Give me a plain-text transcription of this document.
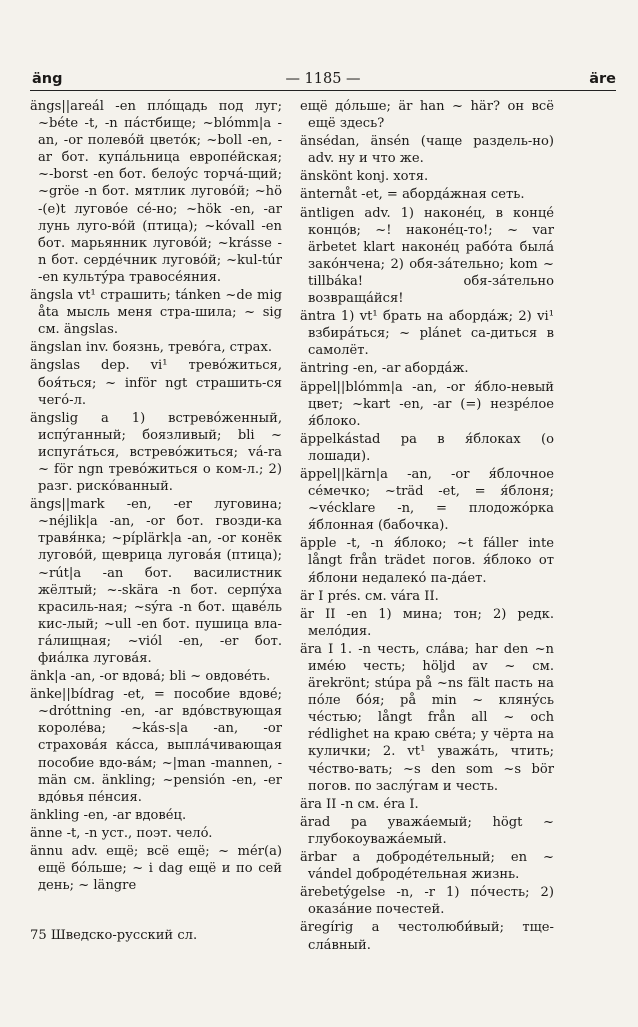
äng	— 1185 —	äre

ängs||areál -en плóщадь под луг; ~béte -t, -n пáстбище; ~blómm|a -an, -or полевóй цветóк; ~boll -en, -ar бот. купáльница европéйская; ~-borst -en бот. белоýс торчá-щий; ~gröe -n бот. мятлик луговóй; ~hö -(e)t луговóе сé-но; ~hök -en, -ar лунь луго-вóй (птица); ~kóvall -en бот. марьянник луговóй; ~krásse -n бот. сердéчник луговóй; ~kul-túr -en культýра травосéяния.

ängsla vt¹ страшить; tánken ~de mig åta мысль меня стра-шила; ~ sig см. ängslas.

ängslan inv. боязнь, тревóга, страх.

ängslas dep. vi¹ тревóжиться, боя́ться; ~ inför ngt страшить-ся чегó-л.

ängslig a 1) встревóженный, испýганный; боязливый; bli ~ испугáться, встревóжиться; vá-ra ~ för ngn тревóжиться о ком-л.; 2) разг. рискóванный.

ängs||mark -en, -er луговина; ~néjlik|a -an, -or бот. гвозди-ка травя́нка; ~píplärk|a -an, -or конёк луговóй, щеврица луговáя (птица); ~rút|a -an бот. василистник жёлтый; ~-skära -n бот. серпýха красиль-ная; ~sýra -n бот. щавéль кис-лый; ~ull -en бот. пушица вла-гáлищная; ~viól -en, -er бот. фиáлка луговáя.

änk|a -an, -or вдовá; bli ~ овдовéть.

änke||bídrag -et, = пособие вдовé; ~dróttning -en, -ar вдóвствующая королéва; ~kás-s|a -an, -or страховáя кáсса, выплáчивающая пособие вдо-вáм; ~|man -mannen, -män см. änkling; ~pensión -en, -er вдóвья пéнсия.

änkling -en, -ar вдовéц.

änne -t, -n уст., поэт. челó.

ännu adv. ещё; всё ещё; ~ mér(a) ещё бóльше; ~ i dag ещё и по сей день; ~ längre

ещё дóльше; är han ~ här? он всё ещё здесь?

änsédan, änsén (чаще раздель-но) adv. ну и что же.

änskönt konj. хотя.

änternåt -et, = абордáжная сеть.

äntligen adv. 1) наконéц, в концé концóв; ~! наконéц-то!; ~ var ärbetet klart наконéц рабóта былá закóнчена; 2) обя-зáтельно; kom ~ tillbáka! обя-зáтельно возвращáйся!

äntra 1) vt¹ брать на абордáж; 2) vi¹ взбирáться; ~ plánet са-диться в самолёт.

äntring -en, -ar абордáж.

äppel||blómm|a -an, -or я́бло-невый цвет; ~kart -en, -ar (=) незрéлое я́блоко.

äppelkástad pa в я́блоках (о лошади).

äppel||kärn|a -an, -or я́блочное сéмечко; ~träd -et, = я́блоня; ~vécklare -n, = плодожóрка я́блонная (бабочка).

äpple -t, -n я́блоко; ~t fáller inte långt från trädet погов. я́блоко от я́блони недалекó па-дáет.

är I prés. см. vára II.

är II -en 1) мина; тон; 2) редк. мелóдия.

ära I 1. -n честь, слáва; har den ~n имéю честь; höljd av ~ см. ärekrönt; stúpa på ~ns fält пасть на пóле бóя; på min ~ клянýсь чéстью; långt från all ~ och rédlighet на краю свéта; у чёрта на кулички; 2. vt¹ уважáть, чтить; чéство-вать; ~s den som ~s bör погов. по заслýгам и честь.

ära II -n см. éra I.

ärad pa уважáемый; högt ~ глубокоуважáемый.

ärbar a добродéтельный; en ~ vándel добродéтельная жизнь.

ärebetýgelse -n, -r 1) пóчесть; 2) оказáние почестей.

äregírig a честолюби́вый; тще-слáвный.

75 Шведско-русский сл.
